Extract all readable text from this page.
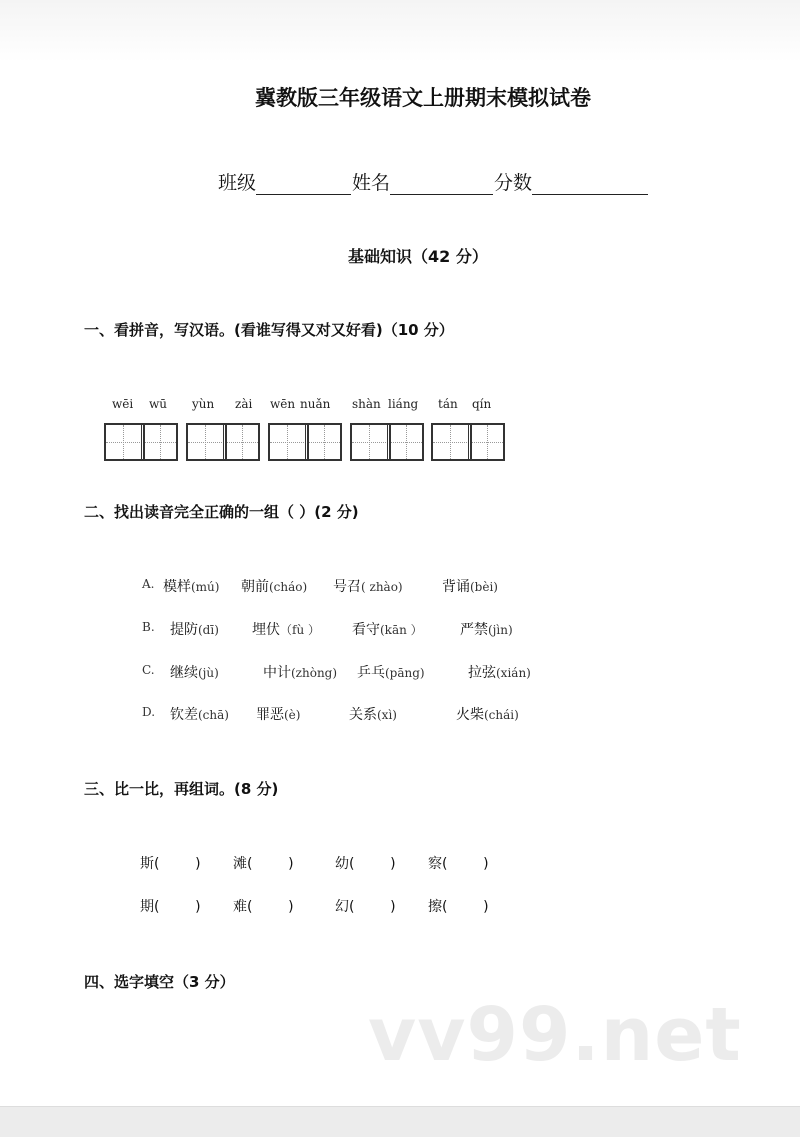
冀教版三年级语文上册期末模拟试卷
班级	姓名	分数
基础知识（42 分）
一、看拼音，写汉语。(看谁写得又对又好看)（10 分）
wēi wū yùn zài wēn nuǎn shàn liáng tán qín
二、找出读音完全正确的一组（ ）(2 分)
A. 模样(mú) 朝前(cháo) 号召( zhào)	背诵(bèi)
B. 提防(dī) 埋伏（fù ） 看守(kān ）	严禁(jìn)
C. 继续(jù)	中计(zhòng) 乒乓(pāng)	拉弦(xián)
D. 钦差(chā) 罪恶(è)	关系(xì)	火柴(chái)
三、比一比，再组词。(8 分)
斯(        ) 滩(        )	幼(        ) 察(        )
期(        ) 难(        )	幻(        ) 擦(        )
四、选字填空（3 分）
vv99.net
